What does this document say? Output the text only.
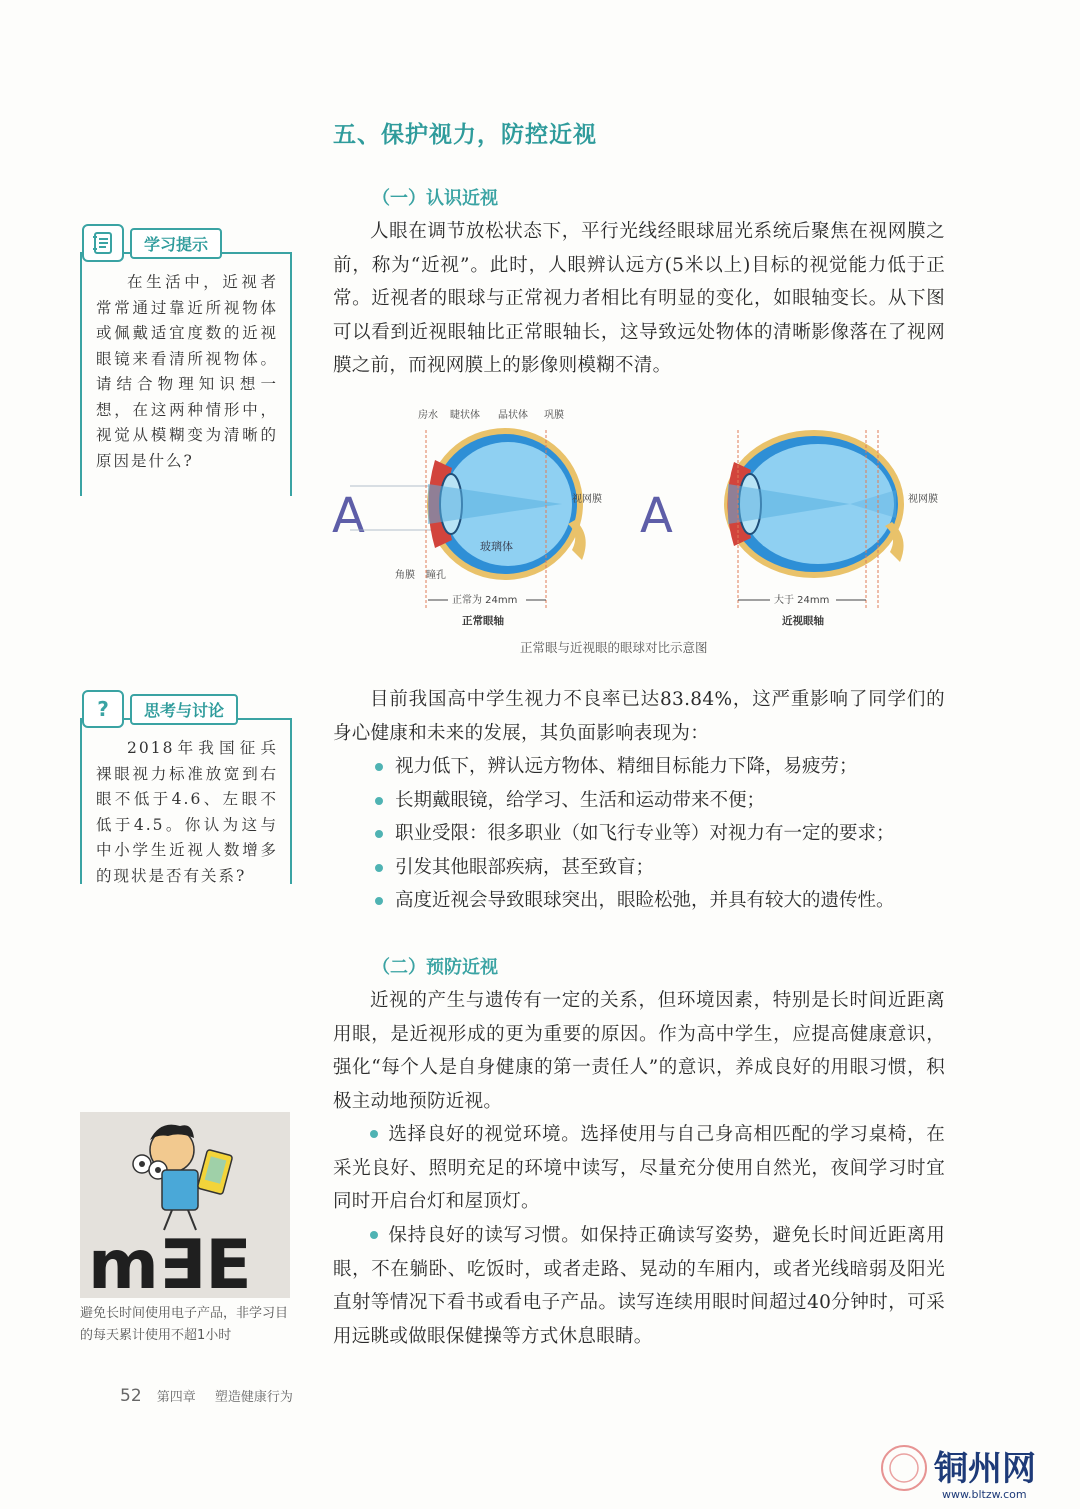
五、保护视力，防控近视
（一）认识近视

人眼在调节放松状态下，平行光线经眼球屈光系统后聚焦在视网膜之前，称为“近视”。此时，人眼辨认远方(5米以上)目标的视觉能力低于正常。近视者的眼球与正常视力者相比有明显的变化，如眼轴变长。从下图可以看到近视眼轴比正常眼轴长，这导致远处物体的清晰影像落在了视网膜之前，而视网膜上的影像则模糊不清。

学习提示

在生活中，近视者常常通过靠近所视物体或佩戴适宜度数的近视眼镜来看清所视物体。请结合物理知识想一想，在这两种情形中，视觉从模糊变为清晰的原因是什么?

A
房水 睫状体 晶状体 巩膜
视网膜
玻璃体
角膜 瞳孔
正常为 24mm
正常眼轴
A	视网膜
大于 24mm
近视眼轴
正常眼与近视眼的眼球对比示意图
?	思考与讨论

2018年我国征兵裸眼视力标准放宽到右眼不低于4.6、左眼不低于4.5。你认为这与中小学生近视人数增多的现状是否有关系?

目前我国高中学生视力不良率已达83.84%，这严重影响了同学们的身心健康和未来的发展，其负面影响表现为：

视力低下，辨认远方物体、精细目标能力下降，易疲劳；
长期戴眼镜，给学习、生活和运动带来不便；
职业受限：很多职业（如飞行专业等）对视力有一定的要求；
引发其他眼部疾病，甚至致盲；
高度近视会导致眼球突出，眼睑松弛，并具有较大的遗传性。
（二）预防近视

近视的产生与遗传有一定的关系，但环境因素，特别是长时间近距离用眼，是近视形成的更为重要的原因。作为高中学生，应提高健康意识，强化“每个人是自身健康的第一责任人”的意识，养成良好的用眼习惯，积极主动地预防近视。

选择良好的视觉环境。选择使用与自己身高相匹配的学习桌椅，在采光良好、照明充足的环境中读写，尽量充分使用自然光，夜间学习时宜同时开启台灯和屋顶灯。

保持良好的读写习惯。如保持正确读写姿势，避免长时间近距离用眼，不在躺卧、吃饭时，或者走路、晃动的车厢内，或者光线暗弱及阳光直射等情况下看书或看电子产品。读写连续用眼时间超过40分钟时，可采用远眺或做眼保健操等方式休息眼睛。

m∃E
避免长时间使用电子产品，非学习目的每天累计使用不超1小时
52 第四章 塑造健康行为
铜州网
www.bltzw.com
